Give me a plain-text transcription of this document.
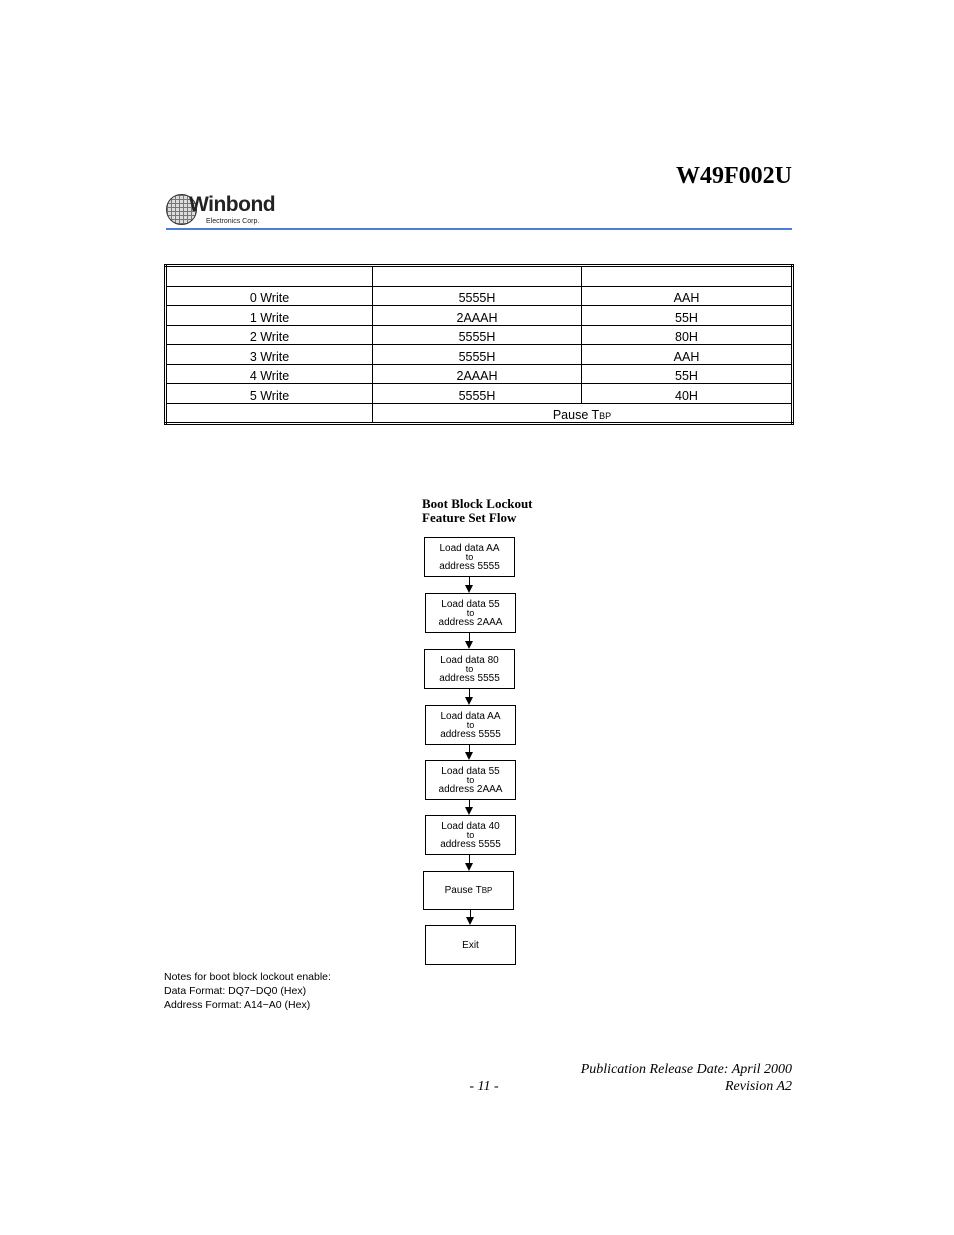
W49F002U
Winbond
Electronics Corp.

0 Write	5555H	AAH
1 Write	2AAAH	55H
2 Write	5555H	80H
3 Write	5555H	AAH
4 Write	2AAAH	55H
5 Write	5555H	40H
	Pause TBP	
Boot Block Lockout
Feature Set Flow
Load data AA
to
address 5555
Load data 55
to
address 2AAA
Load data 80
to
address 5555
Load data AA
to
address 5555
Load data 55
to
address 2AAA
Load data 40
to
address 5555
Pause TBP
Exit
Notes for boot block lockout enable:
Data Format: DQ7−DQ0 (Hex)
Address Format: A14−A0 (Hex)
Publication Release Date: April 2000
- 11 -	Revision A2
